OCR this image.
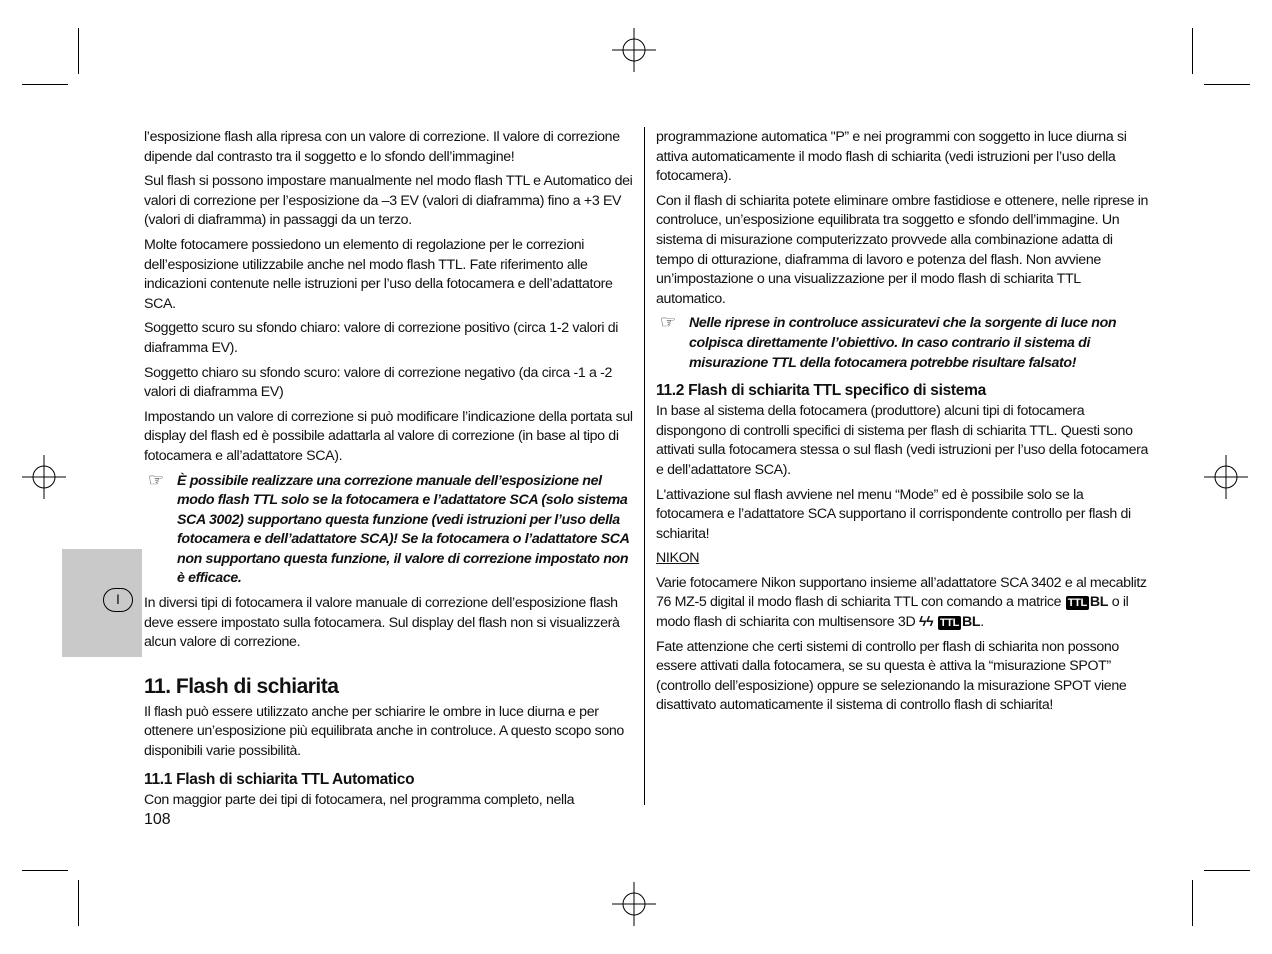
I

l’esposizione flash alla ripresa con un valore di correzione. Il valore di correzione dipende dal contrasto tra il soggetto e lo sfondo dell’immagine!

Sul flash si possono impostare manualmente nel modo flash TTL e Automatico dei valori di correzione per l’esposizione da –3 EV (valori di diaframma) fino a +3 EV (valori di diaframma) in passaggi da un terzo.

Molte fotocamere possiedono un elemento di regolazione per le correzioni dell’esposizione utilizzabile anche nel modo flash TTL. Fate riferimento alle indicazioni contenute nelle istruzioni per l’uso della fotocamera e dell’adattatore SCA.

Soggetto scuro su sfondo chiaro: valore di correzione positivo (circa 1-2 valori di diaframma EV).

Soggetto chiaro su sfondo scuro: valore di correzione negativo (da circa -1 a -2 valori di diaframma EV)

Impostando un valore di correzione si può modificare l’indicazione della portata sul display del flash ed è possibile adattarla al valore di correzione (in base al tipo di fotocamera e all’adattatore SCA).

☞ È possibile realizzare una correzione manuale dell’esposizione nel modo flash TTL solo se la fotocamera e l’adattatore SCA (solo sistema SCA 3002) supportano questa funzione (vedi istruzioni per l’uso della fotocamera e dell’adattatore SCA)! Se la fotocamera o l’adattatore SCA non supportano questa funzione, il valore di correzione impostato non è efficace.

In diversi tipi di fotocamera il valore manuale di correzione dell’esposizione flash deve essere impostato sulla fotocamera. Sul display del flash non si visualizzerà alcun valore di correzione.

11. Flash di schiarita

Il flash può essere utilizzato anche per schiarire le ombre in luce diurna e per ottenere un’esposizione più equilibrata anche in controluce. A questo scopo sono disponibili varie possibilità.

11.1 Flash di schiarita TTL Automatico

Con maggior parte dei tipi di fotocamera, nel programma completo, nella

programmazione automatica "P” e nei programmi con soggetto in luce diurna si attiva automaticamente il modo flash di schiarita (vedi istruzioni per l’uso della fotocamera).

Con il flash di schiarita potete eliminare ombre fastidiose e ottenere, nelle riprese in controluce, un’esposizione equilibrata tra soggetto e sfondo dell’immagine. Un sistema di misurazione computerizzato provvede alla combinazione adatta di tempo di otturazione, diaframma di lavoro e potenza del flash. Non avviene un’impostazione o una visualizzazione per il modo flash di schiarita TTL automatico.

☞ Nelle riprese in controluce assicuratevi che la sorgente di luce non colpisca direttamente l’obiettivo. In caso contrario il sistema di misurazione TTL della fotocamera potrebbe risultare falsato!
11.2 Flash di schiarita TTL specifico di sistema

In base al sistema della fotocamera (produttore) alcuni tipi di fotocamera dispongono di controlli specifici di sistema per flash di schiarita TTL. Questi sono attivati sulla fotocamera stessa o sul flash (vedi istruzioni per l’uso della fotocamera e dell’adattatore SCA).

L'attivazione sul flash avviene nel menu “Mode” ed è possibile solo se la fotocamera e l’adattatore SCA supportano il corrispondente controllo per flash di schiarita!

NIKON

Varie fotocamere Nikon supportano insieme all’adattatore SCA 3402 e al mecablitz 76 MZ-5 digital il modo flash di schiarita TTL con comando a matrice TTL BL o il modo flash di schiarita con multisensore 3D ϟϟ TTL BL.

Fate attenzione che certi sistemi di controllo per flash di schiarita non possono essere attivati dalla fotocamera, se su questa è attiva la “misurazione SPOT” (controllo dell’esposizione) oppure se selezionando la misurazione SPOT viene disattivato automaticamente il sistema di controllo flash di schiarita!

108
